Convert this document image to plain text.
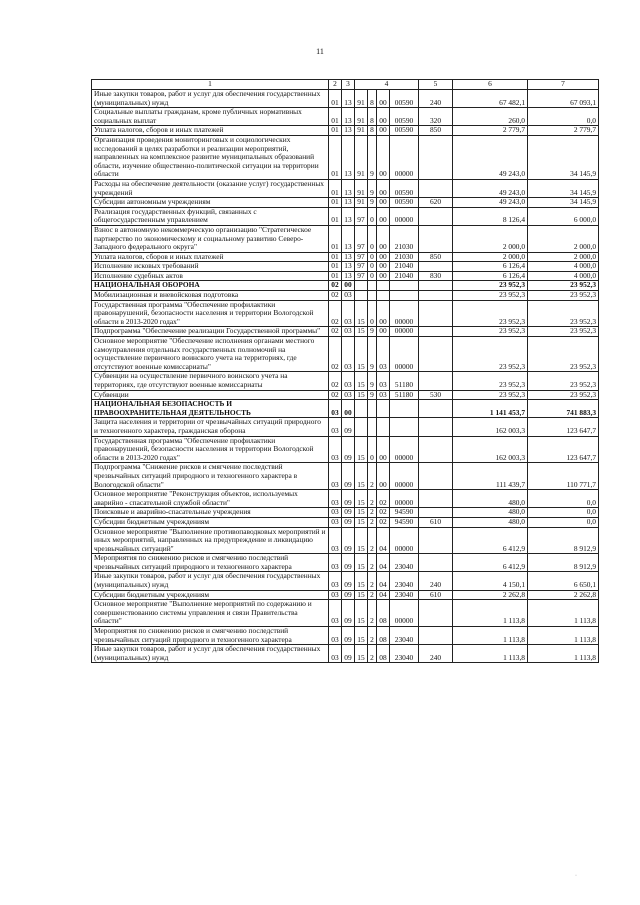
11
1	2	3	4				5	6	7
Иные закупки товаров, работ и услуг для обеспечения государственных (муниципальных) нужд	01	13	91	8	00	00590	240	67 482,1	67 093,1
Социальные выплаты гражданам, кроме публичных нормативных социальных выплат	01	13	91	8	00	00590	320	260,0	0,0
Уплата налогов, сборов и иных платежей	01	13	91	8	00	00590	850	2 779,7	2 779,7
Организация проведения мониторинговых и социологических исследований в целях разработки и реализации мероприятий, направленных на комплексное развитие муниципальных образований области, изучение общественно-политической ситуации на территории области	01	13	91	9	00	00000		49 243,0	34 145,9
Расходы на обеспечение деятельности (оказание услуг) государственных учреждений	01	13	91	9	00	00590		49 243,0	34 145,9
Субсидии автономным учреждениям	01	13	91	9	00	00590	620	49 243,0	34 145,9
Реализация государственных функций, связанных с общегосударственным управлением	01	13	97	0	00	00000		8 126,4	6 000,0
Взнос в автономную некоммерческую организацию "Стратегическое партнерство по экономическому и социальному развитию Северо-Западного федерального округа"	01	13	97	0	00	21030		2 000,0	2 000,0
Уплата налогов, сборов и иных платежей	01	13	97	0	00	21030	850	2 000,0	2 000,0
Исполнение исковых требований	01	13	97	0	00	21040		6 126,4	4 000,0
Исполнение судебных актов	01	13	97	0	00	21040	830	6 126,4	4 000,0
НАЦИОНАЛЬНАЯ ОБОРОНА	02	00						23 952,3	23 952,3
Мобилизационная и вневойсковая подготовка	02	03						23 952,3	23 952,3
Государственная программа "Обеспечение профилактики правонарушений, безопасности населения и территории Вологодской области в 2013-2020 годах"	02	03	15	0	00	00000		23 952,3	23 952,3
Подпрограмма "Обеспечение реализации Государственной программы"	02	03	15	9	00	00000		23 952,3	23 952,3
Основное мероприятие "Обеспечение исполнения органами местного самоуправления отдельных государственных полномочий на осуществление первичного воинского учета на территориях, где отсутствуют военные комиссариаты"	02	03	15	9	03	00000		23 952,3	23 952,3
Субвенции на осуществление первичного воинского учета на территориях, где отсутствуют военные комиссариаты	02	03	15	9	03	51180		23 952,3	23 952,3
Субвенции	02	03	15	9	03	51180	530	23 952,3	23 952,3
НАЦИОНАЛЬНАЯ БЕЗОПАСНОСТЬ И ПРАВООХРАНИТЕЛЬНАЯ ДЕЯТЕЛЬНОСТЬ	03	00						1 141 453,7	741 883,3
Защита населения и территории от чрезвычайных ситуаций природного и техногенного характера, гражданская оборона	03	09						162 003,3	123 647,7
Государственная программа "Обеспечение профилактики правонарушений, безопасности населения и территории Вологодской области в 2013-2020 годах"	03	09	15	0	00	00000		162 003,3	123 647,7
Подпрограмма "Снижение рисков и смягчение последствий чрезвычайных ситуаций природного и техногенного характера в Вологодской области"	03	09	15	2	00	00000		111 439,7	110 771,7
Основное мероприятие "Реконструкция объектов, используемых аварийно - спасательной службой области"	03	09	15	2	02	00000		480,0	0,0
Поисковые и аварийно-спасательные учреждения	03	09	15	2	02	94590		480,0	0,0
Субсидии бюджетным учреждениям	03	09	15	2	02	94590	610	480,0	0,0
Основное мероприятие "Выполнение противопаводковых мероприятий и иных мероприятий, направленных на предупреждение и ликвидацию чрезвычайных ситуаций"	03	09	15	2	04	00000		6 412,9	8 912,9
Мероприятия по снижению рисков и смягчению последствий чрезвычайных ситуаций природного и техногенного характера	03	09	15	2	04	23040		6 412,9	8 912,9
Иные закупки товаров, работ и услуг для обеспечения государственных (муниципальных) нужд	03	09	15	2	04	23040	240	4 150,1	6 650,1
Субсидии бюджетным учреждениям	03	09	15	2	04	23040	610	2 262,8	2 262,8
Основное мероприятие "Выполнение мероприятий по содержанию и совершенствованию системы управления и связи Правительства области"	03	09	15	2	08	00000		1 113,8	1 113,8
Мероприятия по снижению рисков и смягчению последствий чрезвычайных ситуаций природного и техногенного характера	03	09	15	2	08	23040		1 113,8	1 113,8
Иные закупки товаров, работ и услуг для обеспечения государственных (муниципальных) нужд	03	09	15	2	08	23040	240	1 113,8	1 113,8
·
